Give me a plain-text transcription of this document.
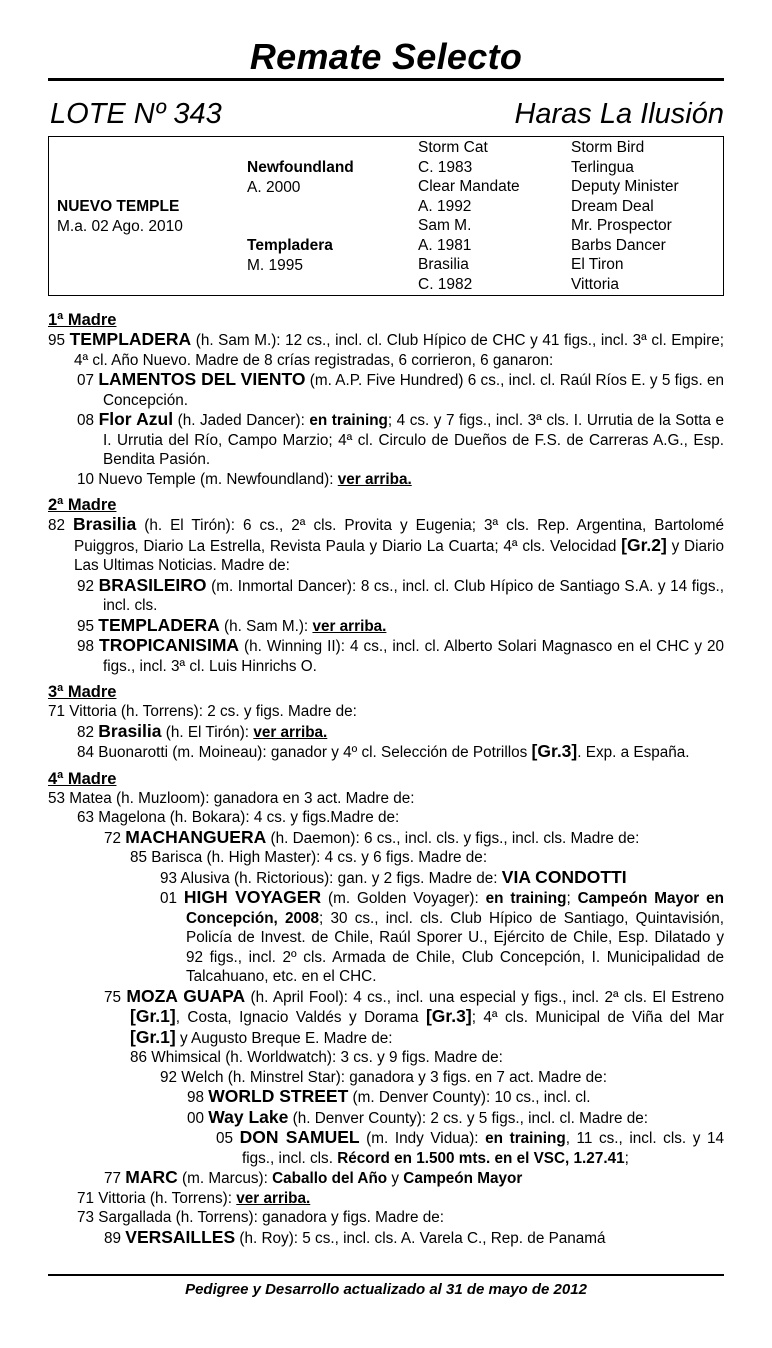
Remate Selecto
LOTE Nº 343	Haras La Ilusión
NUEVO TEMPLE
M.a. 02 Ago. 2010
Newfoundland
A. 2000
Templadera
M. 1995
Storm Cat
C. 1983
Clear Mandate
A. 1992
Sam M.
A. 1981
Brasilia
C. 1982
Storm Bird
Terlingua
Deputy Minister
Dream Deal
Mr. Prospector
Barbs Dancer
El Tiron
Vittoria
1ª Madre
95 TEMPLADERA (h. Sam M.): 12 cs., incl. cl. Club Hípico de CHC y 41 figs., incl. 3ª cl. Empire; 4ª cl. Año Nuevo. Madre de 8 crías registradas, 6 corrieron, 6 ganaron:
07 LAMENTOS DEL VIENTO (m. A.P. Five Hundred) 6 cs., incl. cl. Raúl Ríos E. y 5 figs. en Concepción.
08 Flor Azul (h. Jaded Dancer): en training; 4 cs. y 7 figs., incl. 3ª cls. I. Urrutia de la Sotta e I. Urrutia del Río, Campo Marzio; 4ª cl. Circulo de Dueños de F.S. de Carreras A.G., Esp. Bendita Pasión.
10 Nuevo Temple (m. Newfoundland): ver arriba.
2ª Madre
82 Brasilia (h. El Tirón): 6 cs., 2ª cls. Provita y Eugenia; 3ª cls. Rep. Argentina, Bartolomé Puiggros, Diario La Estrella, Revista Paula y Diario La Cuarta; 4ª cls. Velocidad [Gr.2] y Diario Las Ultimas Noticias. Madre de:
92 BRASILEIRO (m. Inmortal Dancer): 8 cs., incl. cl. Club Hípico de Santiago S.A. y 14 figs., incl. cls.
95 TEMPLADERA (h. Sam M.): ver arriba.
98 TROPICANISIMA (h. Winning II): 4 cs., incl. cl. Alberto Solari Magnasco en el CHC y 20 figs., incl. 3ª cl. Luis Hinrichs O.
3ª Madre
71 Vittoria (h. Torrens): 2 cs. y figs. Madre de:
82 Brasilia (h. El Tirón): ver arriba.
84 Buonarotti (m. Moineau): ganador y 4º cl. Selección de Potrillos [Gr.3]. Exp. a España.
4ª Madre
53 Matea (h. Muzloom): ganadora en 3 act. Madre de:
63 Magelona (h. Bokara): 4 cs. y figs.Madre de:
72 MACHANGUERA (h. Daemon): 6 cs., incl. cls. y figs., incl. cls. Madre de:
85 Barisca (h. High Master): 4 cs. y 6 figs. Madre de:
93 Alusiva (h. Rictorious): gan. y 2 figs. Madre de: VIA CONDOTTI
01 HIGH VOYAGER (m. Golden Voyager): en training; Campeón Mayor en Concepción, 2008; 30 cs., incl. cls. Club Hípico de Santiago, Quintavisión, Policía de Invest. de Chile, Raúl Sporer U., Ejército de Chile, Esp. Dilatado y 92 figs., incl. 2º cls. Armada de Chile, Club Concepción, I. Municipalidad de Talcahuano, etc. en el CHC.
75 MOZA GUAPA (h. April Fool): 4 cs., incl. una especial y figs., incl. 2ª cls. El Estreno [Gr.1], Costa, Ignacio Valdés y Dorama [Gr.3]; 4ª cls. Municipal de Viña del Mar [Gr.1] y Augusto Breque E. Madre de:
86 Whimsical (h. Worldwatch): 3 cs. y 9 figs. Madre de:
92 Welch (h. Minstrel Star): ganadora y 3 figs. en 7 act. Madre de:
98 WORLD STREET (m. Denver County): 10 cs., incl. cl.
00 Way Lake (h. Denver County): 2 cs. y 5 figs., incl. cl. Madre de:
05 DON SAMUEL (m. Indy Vidua): en training, 11 cs., incl. cls. y 14 figs., incl. cls. Récord en 1.500 mts. en el VSC, 1.27.41;
77 MARC (m. Marcus): Caballo del Año y Campeón Mayor
71 Vittoria (h. Torrens): ver arriba.
73 Sargallada (h. Torrens): ganadora y figs. Madre de:
89 VERSAILLES (h. Roy): 5 cs., incl. cls. A. Varela C., Rep. de Panamá
Pedigree y Desarrollo actualizado al 31 de mayo de 2012
